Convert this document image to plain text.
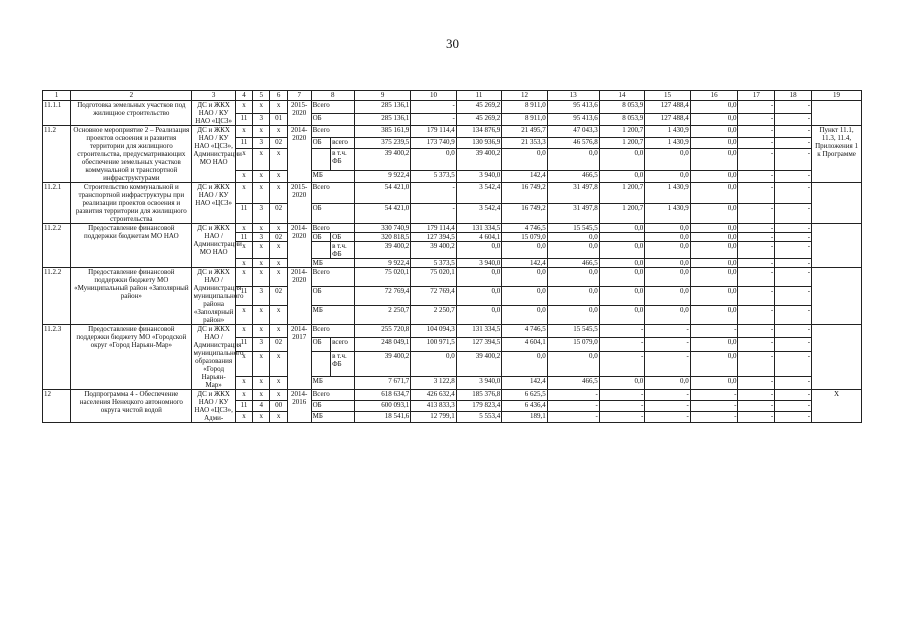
30
1	2	3	4	5	6	7	8		9	10	11	12	13	14	15	16	17	18	19
11.1.1	Подготовка земельных участков под жилищное строительство	ДС и ЖКХ НАО / КУ НАО «ЦСЗ»	x	x	x	2015-2020	Всего		285 136,1	-	45 269,2	8 911,0	95 413,6	8 053,9	127 488,4	0,0	-	-	
			11	3	01		ОБ		285 136,1	-	45 269,2	8 911,0	95 413,6	8 053,9	127 488,4	0,0	-	-	
11.2	Основное мероприятие 2 – Реализация проектов освоения и развития территории для жилищного строительства, предусматривающих обеспечение земельных участков коммунальной и транспортной инфраструктурами	ДС и ЖКХ НАО / КУ НАО «ЦСЗ», Администрации МО НАО	x	x	x	2014-2020	Всего		385 161,9	179 114,4	134 876,9	21 495,7	47 043,3	1 200,7	1 430,9	0,0	-	-	Пункт 11.1, 11.3, 11.4, Приложения 1 к Программе
			11	3	02		ОБ	всего	375 239,5	173 740,9	130 936,9	21 353,3	46 576,8	1 200,7	1 430,9	0,0	-	-	
			x	x	x			в т.ч. ФБ	39 400,2	0,0	39 400,2	0,0	0,0	0,0	0,0	0,0	-	-	
			x	x	x		МБ		9 922,4	5 373,5	3 940,0	142,4	466,5	0,0	0,0	0,0	-	-	
11.2.1	Строительство коммунальной и транспортной инфраструктуры при реализации проектов освоения и развития территории для жилищного строительства	ДС и ЖКХ НАО / КУ НАО «ЦСЗ»	x	x	x	2015-2020	Всего		54 421,0	-	3 542,4	16 749,2	31 497,8	1 200,7	1 430,9	0,0	-	-	
			11	3	02		ОБ		54 421,0	-	3 542,4	16 749,2	31 497,8	1 200,7	1 430,9	0,0	-	-	
11.2.2	Предоставление финансовой поддержки бюджетам МО НАО	ДС и ЖКХ НАО / Администрации МО НАО	x	x	x	2014-2020	Всего		330 740,9	179 114,4	131 334,5	4 746,5	15 545,5	0,0	0,0	0,0	-	-	
			11	3	02		ОБ	ОБ	320 818,5	127 394,5	4 604,1	15 079,0	0,0		0,0	0,0	-	-	
			x	x	x			в т.ч. ФБ	39 400,2	39 400,2	0,0	0,0	0,0	0,0	0,0	0,0	-	-	
			x	x	x		МБ		9 922,4	5 373,5	3 940,0	142,4	466,5	0,0	0,0	0,0	-	-	
11.2.2	Предоставление финансовой поддержки бюджету МО «Муниципальный район «Заполярный район»	ДС и ЖКХ НАО / Администрация муниципального района «Заполярный район»	x	x	x	2014-2020	Всего		75 020,1	75 020,1	0,0	0,0	0,0	0,0	0,0	0,0	-	-	
			11	3	02		ОБ		72 769,4	72 769,4	0,0	0,0	0,0	0,0	0,0	0,0	-	-	
			x	x	x		МБ		2 250,7	2 250,7	0,0	0,0	0,0	0,0	0,0	0,0	-	-	
11.2.3	Предоставление финансовой поддержки бюджету МО «Городской округ «Город Нарьян-Мар»	ДС и ЖКХ НАО / Администрация муниципального образования «Город Нарьян-Мар»	x	x	x	2014-2017	Всего		255 720,8	104 094,3	131 334,5	4 746,5	15 545,5	-	-	-	-	-	
			11	3	02		ОБ	всего	248 049,1	100 971,5	127 394,5	4 604,1	15 079,0	-	-	0,0	-	-	
			x	x	x			в т.ч. ФБ	39 400,2	0,0	39 400,2	0,0	0,0	-	-	0,0	-	-	
			x	x	x		МБ		7 671,7	3 122,8	3 940,0	142,4	466,5	0,0	0,0	0,0	-	-	
12	Подпрограмма 4 - Обеспечение населения Ненецкого автономного округа чистой водой	ДС и ЖКХ НАО / КУ НАО «ЦСЗ», Адми-	x	x	x	2014-2016	Всего		618 634,7	426 632,4	185 376,8	6 625,5	-	-	-	-	-	-	X
			11	4	00		ОБ		600 093,1	413 833,3	179 823,4	6 436,4	-	-	-	-	-	-	
			x	x	x		МБ		18 541,6	12 799,1	5 553,4	189,1	-	-	-	-	-	-	
